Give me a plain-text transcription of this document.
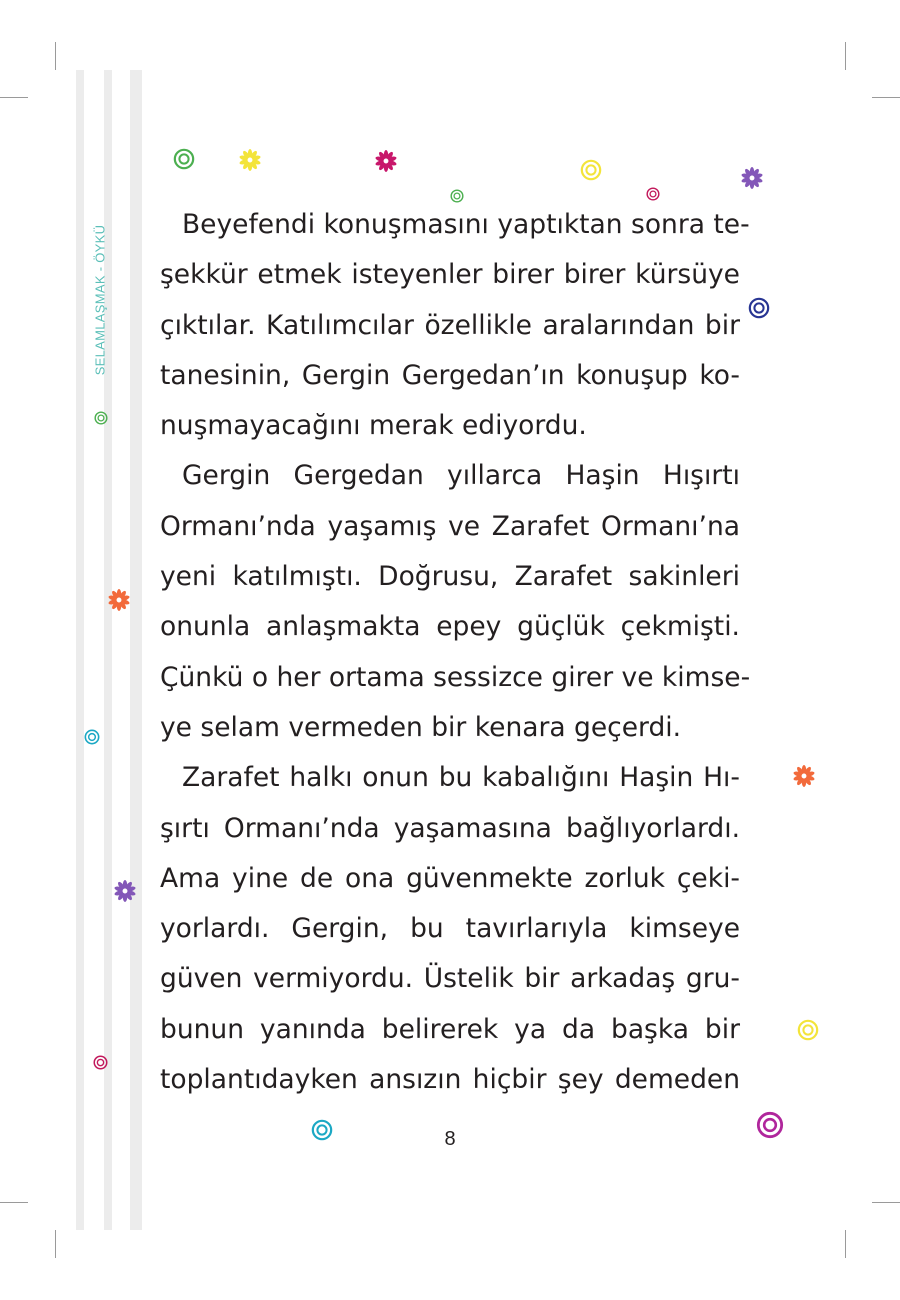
SELAMLAŞMAK - ÖYKÜ
Beyefendi konuşmasını yaptıktan sonra te-
şekkür etmek isteyenler birer birer kürsüye
çıktılar. Katılımcılar özellikle aralarından bir
tanesinin, Gergin Gergedan’ın konuşup ko-
nuşmayacağını merak ediyordu.
Gergin Gergedan yıllarca Haşin Hışırtı
Ormanı’nda yaşamış ve Zarafet Ormanı’na
yeni katılmıştı. Doğrusu, Zarafet sakinleri
onunla anlaşmakta epey güçlük çekmişti.
Çünkü o her ortama sessizce girer ve kimse-
ye selam vermeden bir kenara geçerdi.
Zarafet halkı onun bu kabalığını Haşin Hı-
şırtı Ormanı’nda yaşamasına bağlıyorlardı.
Ama yine de ona güvenmekte zorluk çeki-
yorlardı. Gergin, bu tavırlarıyla kimseye
güven vermiyordu. Üstelik bir arkadaş gru-
bunun yanında belirerek ya da başka bir
toplantıdayken ansızın hiçbir şey demeden
8
